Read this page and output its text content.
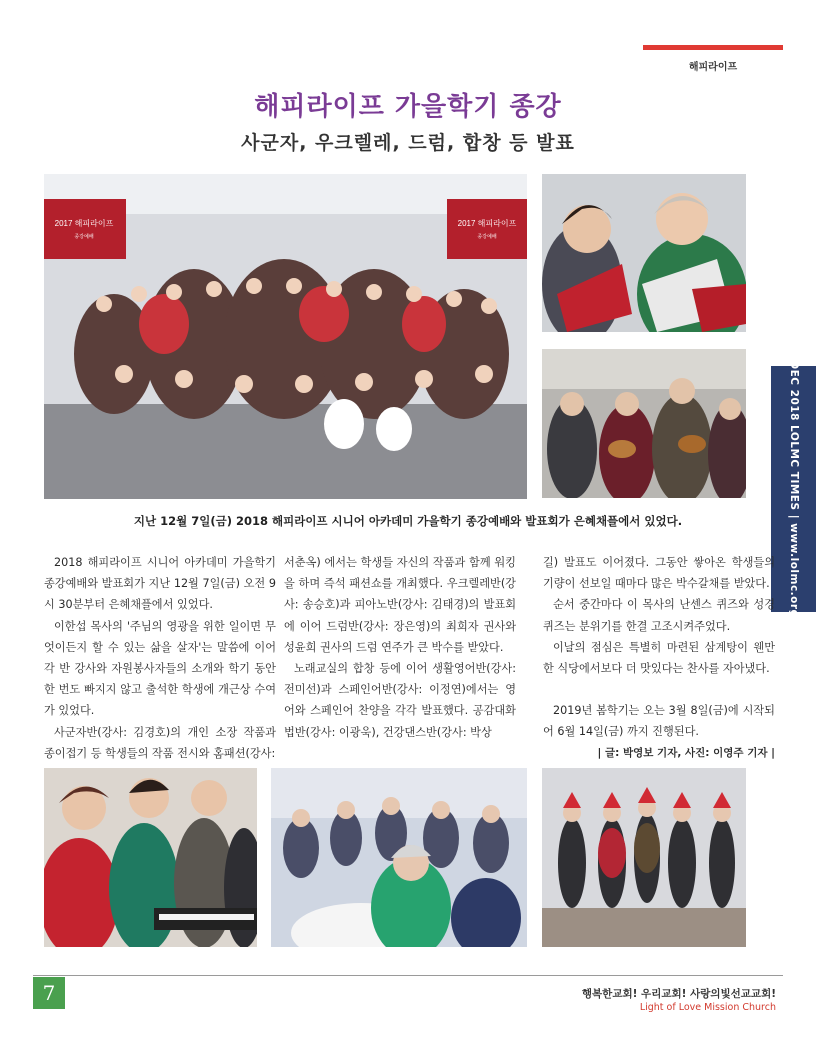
해피라이프
해피라이프 가을학기 종강
사군자, 우크렐레, 드럼, 합창 등 발표
2017 해피라이프
종강예배
2017 해피라이프
종강예배
DEC 2018 LOLMC TIMES | www.lolmc.org

지난 12월 7일(금) 2018 해피라이프 시니어 아카데미 가을학기 종강예배와 발표회가 은혜채플에서 있었다.

2018 해피라이프 시니어 아카데미 가을학기 종강예배와 발표회가 지난 12월 7일(금) 오전 9시 30분부터 은혜채플에서 있었다.

이한섭 목사의 '주님의 영광을 위한 일이면 무엇이든지 할 수 있는 삶을 살자'는 말씀에 이어 각 반 강사와 자원봉사자들의 소개와 학기 동안 한 번도 빠지지 않고 출석한 학생에 개근상 수여가 있었다.

사군자반(강사: 김경호)의 개인 소장 작품과 종이접기 등 학생들의 작품 전시와 홈패션(강사:

서춘옥) 에서는 학생들 자신의 작품과 함께 워킹을 하며 즉석 패션쇼를 개최했다. 우크렐레반(강사: 송승호)과 피아노반(강사: 김태경)의 발표회에 이어 드럼반(강사: 장은영)의 최희자 권사와 성윤희 권사의 드럼 연주가 큰 박수를 받았다.

노래교실의 합창 등에 이어 생활영어반(강사: 전미선)과 스페인어반(강사: 이정연)에서는 영어와 스페인어 찬양을 각각 발표했다. 공감대화법반(강사: 이광욱), 건강댄스반(강사: 박상

길) 발표도 이어졌다. 그동안 쌓아온 학생들의 기량이 선보일 때마다 많은 박수갈채를 받았다.

순서 중간마다 이 목사의 난센스 퀴즈와 성경 퀴즈는 분위기를 한결 고조시켜주었다.

이날의 점심은 특별히 마련된 삼계탕이 웬만한 식당에서보다 더 맛있다는 찬사를 자아냈다.

2019년 봄학기는 오는 3월 8일(금)에 시작되어 6월 14일(금) 까지 진행된다.

| 글: 박영보 기자, 사진: 이영주 기자 |

7	행복한교회! 우리교회! 사랑의빛선교교회!
Light of Love Mission Church
